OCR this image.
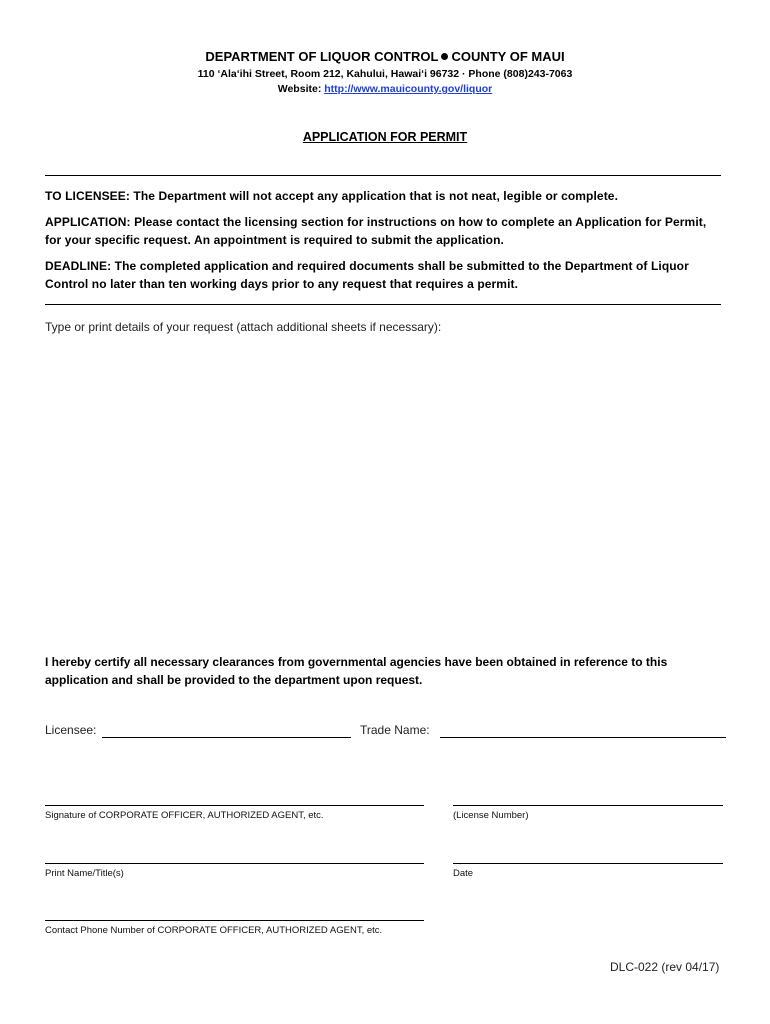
DEPARTMENT OF LIQUOR CONTROL COUNTY OF MAUI
110 ‘Ala‘ihi Street, Room 212, Kahului, Hawai‘i 96732 · Phone (808)243-7063
Website: http://www.mauicounty.gov/liquor
APPLICATION FOR PERMIT
TO LICENSEE: The Department will not accept any application that is not neat, legible or complete.
APPLICATION: Please contact the licensing section for instructions on how to complete an Application for Permit, for your specific request. An appointment is required to submit the application.
DEADLINE: The completed application and required documents shall be submitted to the Department of Liquor Control no later than ten working days prior to any request that requires a permit.
Type or print details of your request (attach additional sheets if necessary):
I hereby certify all necessary clearances from governmental agencies have been obtained in reference to this application and shall be provided to the department upon request.
Licensee:	Trade Name:
Signature of CORPORATE OFFICER, AUTHORIZED AGENT, etc.	(License Number)
Print Name/Title(s)	Date
Contact Phone Number of CORPORATE OFFICER, AUTHORIZED AGENT, etc.
DLC-022 (rev 04/17)
